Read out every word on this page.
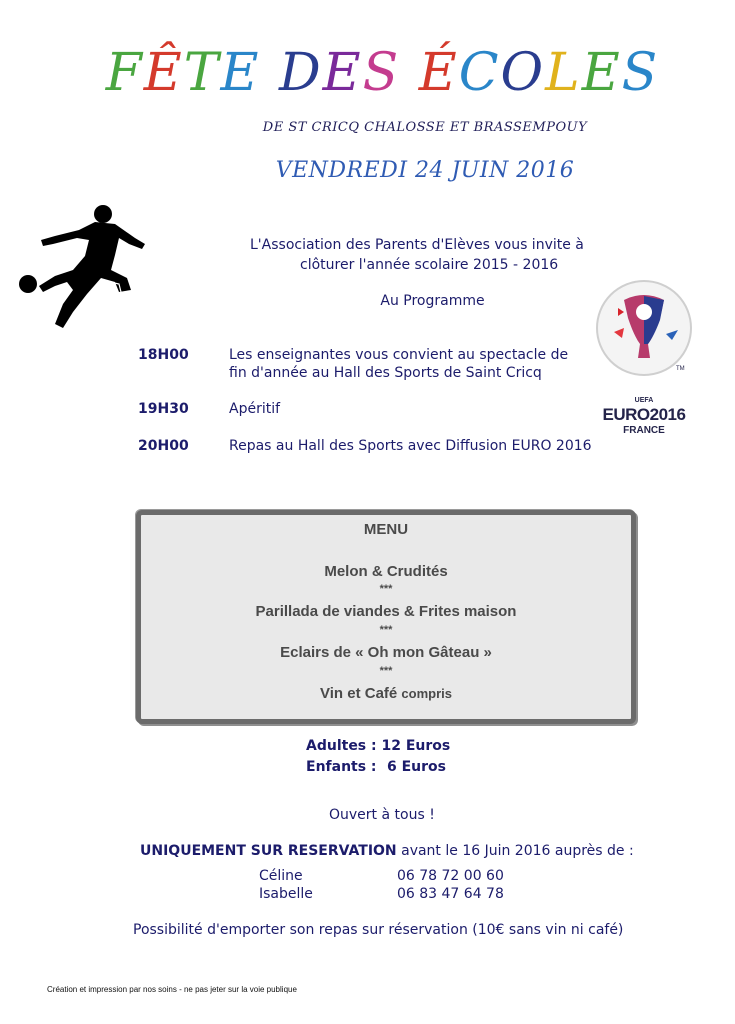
FÊTE DES ÉCOLES
DE ST CRICQ CHALOSSE ET BRASSEMPOUY
VENDREDI 24 JUIN 2016
L'Association des Parents d'Elèves vous invite à
clôturer l'année scolaire 2015 - 2016
Au Programme
18H00	Les enseignantes vous convient au spectacle de
fin d'année au Hall des Sports de Saint Cricq
19H30	Apéritif
20H00	Repas au Hall des Sports avec Diffusion EURO 2016
UEFA
EURO2016
FRANCE
TM
MENU
Melon & Crudités
***
Parillada de viandes & Frites maison
***
Eclairs de « Oh mon Gâteau »
***
Vin et Café compris
Adultes : 12 Euros
Enfants : 6 Euros
Ouvert à tous !
UNIQUEMENT SUR RESERVATION avant le 16 Juin 2016 auprès de :
Céline	06 78 72 00 60
Isabelle	06 83 47 64 78
Possibilité d'emporter son repas sur réservation (10€ sans vin ni café)
Création et impression par nos soins - ne pas jeter sur la voie publique
